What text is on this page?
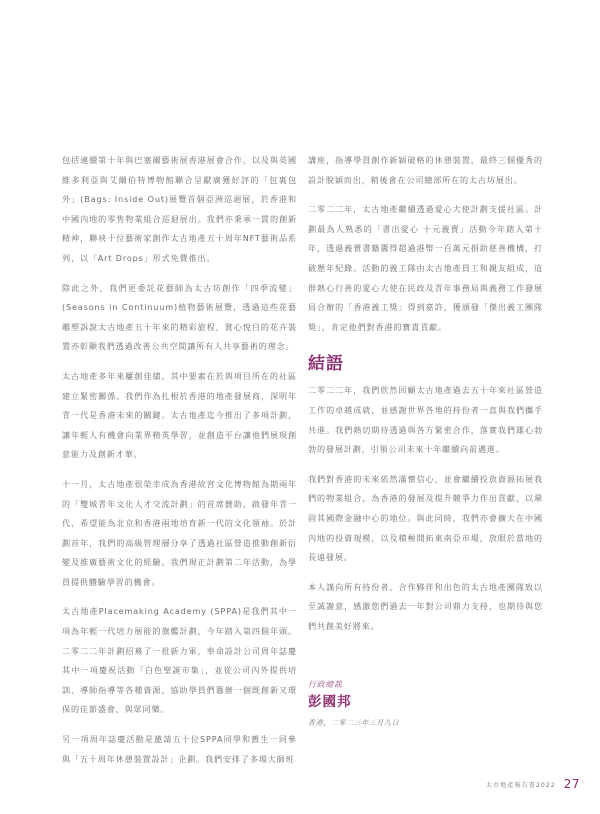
包括連續第十年與巴塞爾藝術展香港展會合作，以及與英國維多利亞與艾爾伯特博物館聯合呈獻廣獲好評的「包裏包外」(Bags: Inside Out)展覽首個亞洲巡迴展，於香港和中國內地的零售物業組合巡迴展出。我們亦秉承一貫的創新精神，聯袂十位藝術家創作太古地產五十周年NFT藝術品系列，以「Art Drops」形式免費推出。

除此之外，我們更委託花藝師為太古坊創作「四季流變」(Seasons in Continuum)植物藝術展覽，透過這些花藝雕塑訴說太古地產五十年來的精彩旅程，賞心悅目的花卉裝置亦彰顯我們透過改善公共空間讓所有人共享藝術的理念。

太古地產多年來屢創佳績，其中要素在於與項目所在的社區建立緊密關係。我們作為扎根於香港的地產發展商，深明年青一代是香港未來的關鍵。太古地產迄今推出了多項計劃，讓年輕人有機會向業界精英學習，並創造平台讓他們展現創意能力及創新才華。

十一月，太古地產很榮幸成為香港故宮文化博物館為期兩年的「雙城青年文化人才交流計劃」的首席贊助，啟發年青一代，希望能為北京和香港兩地培育新一代的文化領袖。於計劃首年，我們的高級管理層分享了透過社區營造推動創新衍變及推廣藝術文化的經驗。我們現正計劃第二年活動，為學員提供體驗學習的機會。

太古地產Placemaking Academy (SPPA)是我們其中一項為年輕一代培力展能的旗艦計劃，今年踏入第四個年頭。二零二二年計劃招募了一批新力軍，奉命設計公司周年誌慶其中一項慶祝活動「白色聖誕市集」，並從公司內外提供培訓、導師指導等各種資源，協助學員們籌辦一個既創新又環保的佳節盛會，與眾同樂。

另一項周年誌慶活動是邀請五十位SPPA同學和舊生一同參與「五十周年休憩裝置設計」企劃。我們安排了多場大師班

講座，指導學員創作新穎破格的休憩裝置，最終三個優秀的設計脫穎而出，稍後會在公司總部所在的太古坊展出。

二零二二年，太古地產繼續透過愛心大使計劃支援社區。計劃最為人熟悉的「書出愛心 十元義賣」活動今年踏入第十年，透過義賣書籍籌得超過港幣一百萬元捐助慈善機構，打破歷年紀錄。活動的義工隊由太古地產員工和親友組成，這群熱心行善的愛心大使在民政及青年事務局與義務工作發展局合辦的「香港義工獎」得到嘉許，獲頒發「傑出義工團隊獎」，肯定他們對香港的寶貴貢獻。

結語

二零二二年，我們欣然回顧太古地產過去五十年來社區營造工作的卓越成就，並感謝世界各地的持份者一直與我們攜手共進。我們熱切期待透過與各方緊密合作，落實我們雄心勃勃的發展計劃，引領公司未來十年繼續向前邁進。

我們對香港的未來依然滿懷信心，並會繼續投放資源拓展我們的物業組合，為香港的發展及提升競爭力作出貢獻，以鞏固其國際金融中心的地位。與此同時，我們亦會擴大在中國內地的投資規模，以及積極開拓東南亞市場，放眼於當地的長遠發展。

本人謹向所有持份者、合作夥伴和出色的太古地產團隊致以至誠謝意，感激您們過去一年對公司鼎力支持，也期待與您們共創美好將來。

行政總裁
彭國邦
香港，二零二三年三月九日
太古地產報告書2022 27
